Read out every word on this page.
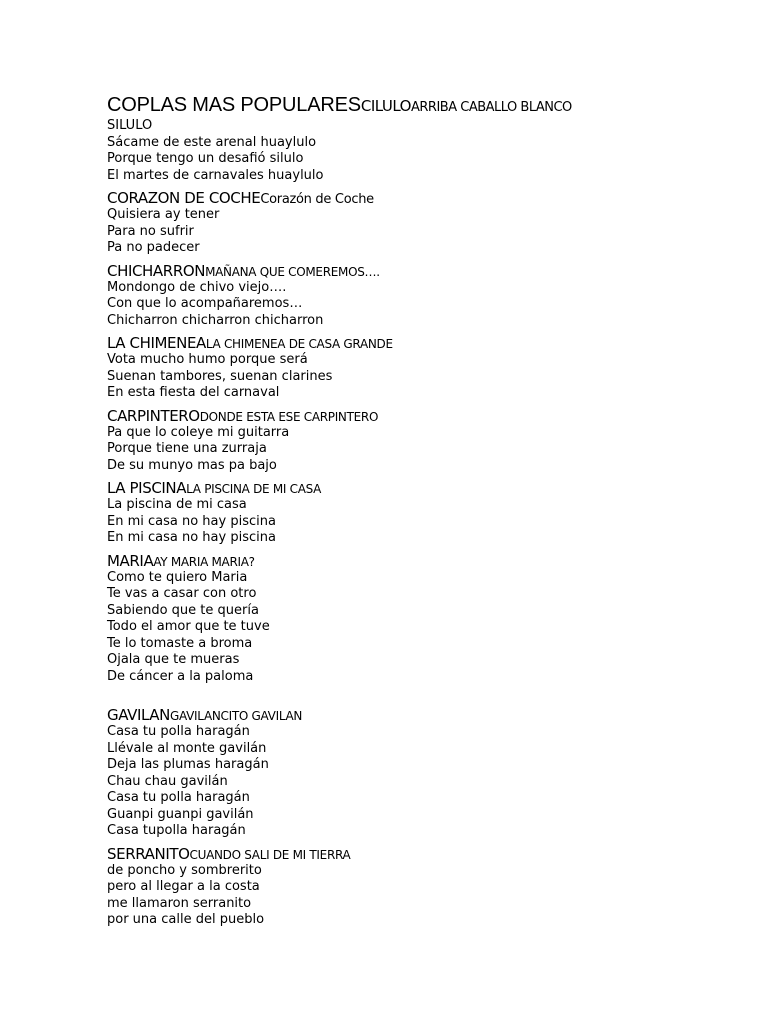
COPLAS MAS POPULARESCILULOARRIBA CABALLO BLANCO
SILULO
Sácame de este arenal huaylulo
Porque tengo un desafió silulo
El martes de carnavales huaylulo
CORAZON DE COCHECorazón de Coche
Quisiera ay tener
Para no sufrir
Pa no padecer
CHICHARRONMAÑANA QUE COMEREMOS….
Mondongo de chivo viejo….
Con que lo acompañaremos…
Chicharron chicharron chicharron
LA CHIMENEALA CHIMENEA DE CASA GRANDE
Vota mucho humo porque será
Suenan tambores, suenan clarines
En esta fiesta del carnaval
CARPINTERODONDE ESTA ESE CARPINTERO
Pa que lo coleye mi guitarra
Porque tiene una zurraja
De su munyo mas pa bajo
LA PISCINALA PISCINA DE MI CASA
La piscina de mi casa
En mi casa no hay piscina
En mi casa no hay piscina
MARIAAY MARIA MARIA?
Como te quiero Maria
Te vas a casar con otro
Sabiendo que te quería
Todo el amor que te tuve
Te lo tomaste a broma
Ojala que te mueras
De cáncer a la paloma
GAVILANGAVILANCITO GAVILAN
Casa tu polla haragán
Llévale al monte gavilán
Deja las plumas haragán
Chau chau gavilán
Casa tu polla haragán
Guanpi guanpi gavilán
Casa tupolla haragán
SERRANITOCUANDO SALI DE MI TIERRA
de poncho y sombrerito
pero al llegar a la costa
me llamaron serranito
por una calle del pueblo
